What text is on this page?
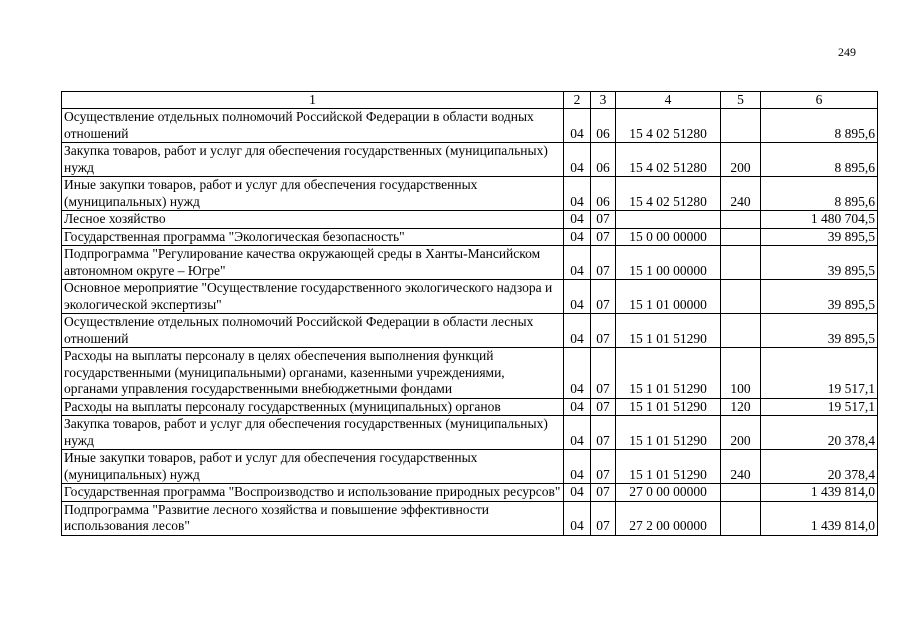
249
1	2	3	4	5	6
Осуществление отдельных полномочий Российской Федерации в области водных отношений	04	06	15 4 02 51280		8 895,6
Закупка товаров, работ и услуг для обеспечения государственных (муниципальных) нужд	04	06	15 4 02 51280	200	8 895,6
Иные закупки товаров, работ и услуг для обеспечения государственных (муниципальных) нужд	04	06	15 4 02 51280	240	8 895,6
Лесное хозяйство	04	07			1 480 704,5
Государственная программа "Экологическая безопасность"	04	07	15 0 00 00000		39 895,5
Подпрограмма "Регулирование качества окружающей среды в Ханты-Мансийском автономном округе – Югре"	04	07	15 1 00 00000		39 895,5
Основное мероприятие "Осуществление государственного экологического надзора и экологической экспертизы"	04	07	15 1 01 00000		39 895,5
Осуществление отдельных полномочий Российской Федерации в области лесных отношений	04	07	15 1 01 51290		39 895,5
Расходы на выплаты персоналу в целях обеспечения выполнения функций государственными (муниципальными) органами, казенными учреждениями, органами управления государственными внебюджетными фондами	04	07	15 1 01 51290	100	19 517,1
Расходы на выплаты персоналу государственных (муниципальных) органов	04	07	15 1 01 51290	120	19 517,1
Закупка товаров, работ и услуг для обеспечения государственных (муниципальных) нужд	04	07	15 1 01 51290	200	20 378,4
Иные закупки товаров, работ и услуг для обеспечения государственных (муниципальных) нужд	04	07	15 1 01 51290	240	20 378,4
Государственная программа "Воспроизводство и использование природных ресурсов"	04	07	27 0 00 00000		1 439 814,0
Подпрограмма "Развитие лесного хозяйства и повышение эффективности использования лесов"	04	07	27 2 00 00000		1 439 814,0
